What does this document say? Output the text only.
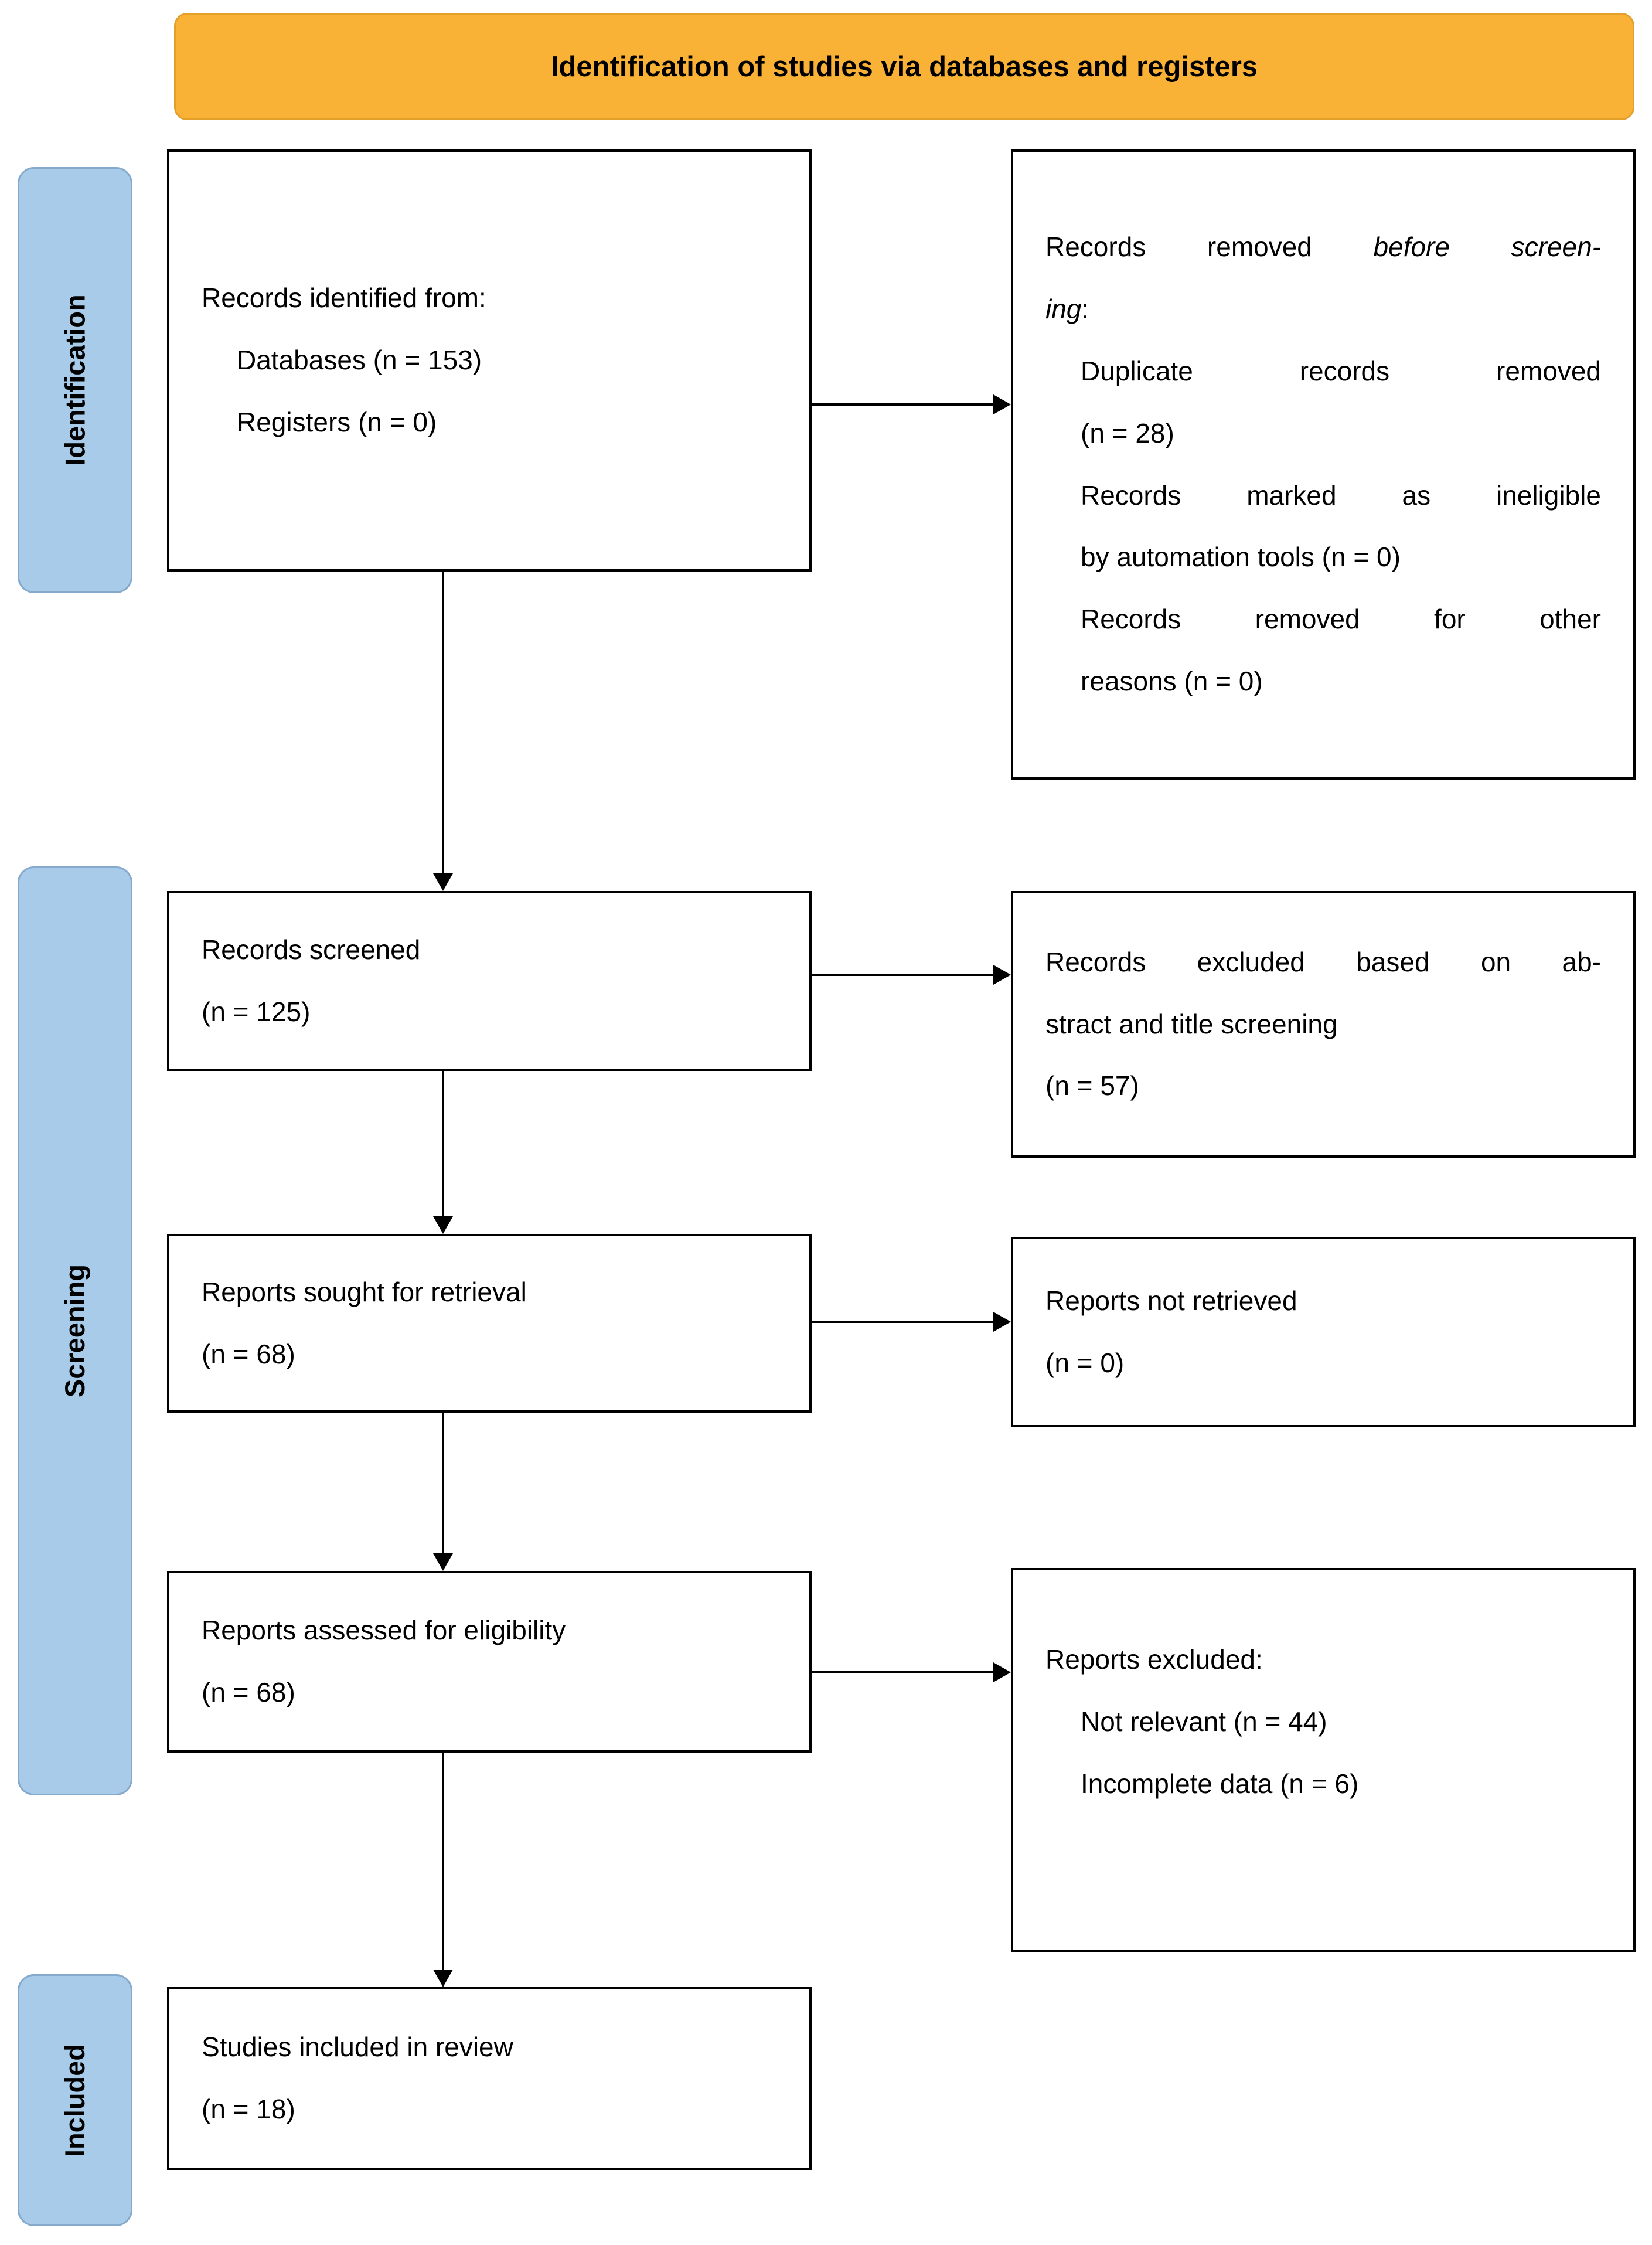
Identification of studies via databases and registers
Identification
Screening
Included
Records identified from:
Databases (n = 153)
Registers (n = 0)
Records screened
(n = 125)
Reports sought for retrieval
(n = 68)
Reports assessed for eligibility
(n = 68)
Studies included in review
(n = 18)
Records removed before screen-
ing:
Duplicate records removed
(n = 28)
Records marked as ineligible
by automation tools (n = 0)
Records removed for other
reasons (n = 0)
Records excluded based on ab-
stract and title screening
(n = 57)
Reports not retrieved
(n = 0)
Reports excluded:
Not relevant (n = 44)
Incomplete data (n = 6)
